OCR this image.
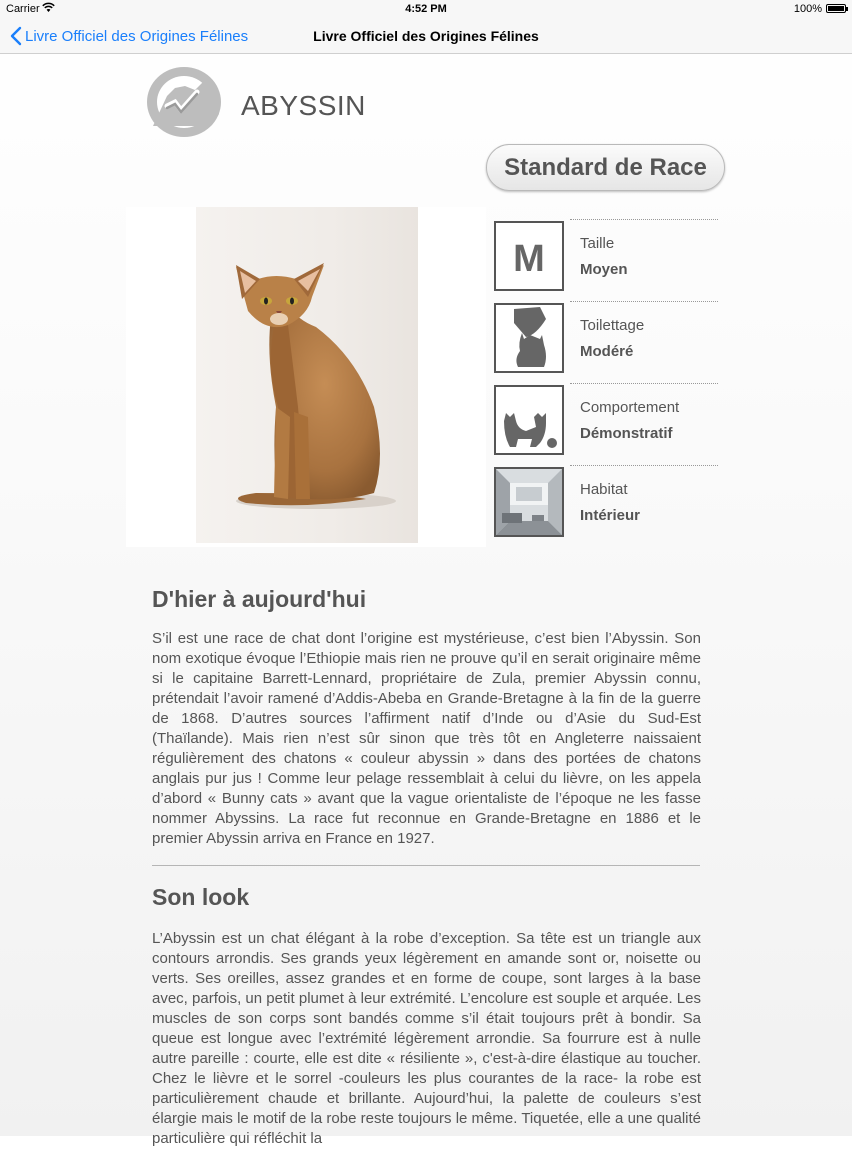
Carrier	4:52 PM	100%
Livre Officiel des Origines Félines	Livre Officiel des Origines Félines
ABYSSIN
Standard de Race
M Taille
Moyen
Toilettage
Modéré
Comportement
Démonstratif
Habitat
Intérieur
D'hier à aujourd'hui
S’il est une race de chat dont l’origine est mystérieuse, c’est bien l’Abyssin. Son nom exotique évoque l’Ethiopie mais rien ne prouve qu’il en serait originaire même si le capitaine Barrett-Lennard, propriétaire de Zula, premier Abyssin connu, prétendait l’avoir ramené d’Addis-Abeba en Grande-Bretagne à la fin de la guerre de 1868. D’autres sources l’affirment natif d’Inde ou d’Asie du Sud-Est (Thaïlande). Mais rien n’est sûr sinon que très tôt en Angleterre naissaient régulièrement des chatons « couleur abyssin » dans des portées de chatons anglais pur jus ! Comme leur pelage ressemblait à celui du lièvre, on les appela d’abord « Bunny cats » avant que la vague orientaliste de l’époque ne les fasse nommer Abyssins. La race fut reconnue en Grande-Bretagne en 1886 et le premier Abyssin arriva en France en 1927.
Son look
L’Abyssin est un chat élégant à la robe d’exception. Sa tête est un triangle aux contours arrondis. Ses grands yeux légèrement en amande sont or, noisette ou verts. Ses oreilles, assez grandes et en forme de coupe, sont larges à la base avec, parfois, un petit plumet à leur extrémité. L’encolure est souple et arquée. Les muscles de son corps sont bandés comme s’il était toujours prêt à bondir. Sa queue est longue avec l’extrémité légèrement arrondie. Sa fourrure est à nulle autre pareille : courte, elle est dite « résiliente », c'est-à-dire élastique au toucher. Chez le lièvre et le sorrel -couleurs les plus courantes de la race- la robe est particulièrement chaude et brillante. Aujourd’hui, la palette de couleurs s’est élargie mais le motif de la robe reste toujours le même. Tiquetée, elle a une qualité particulière qui réfléchit la
